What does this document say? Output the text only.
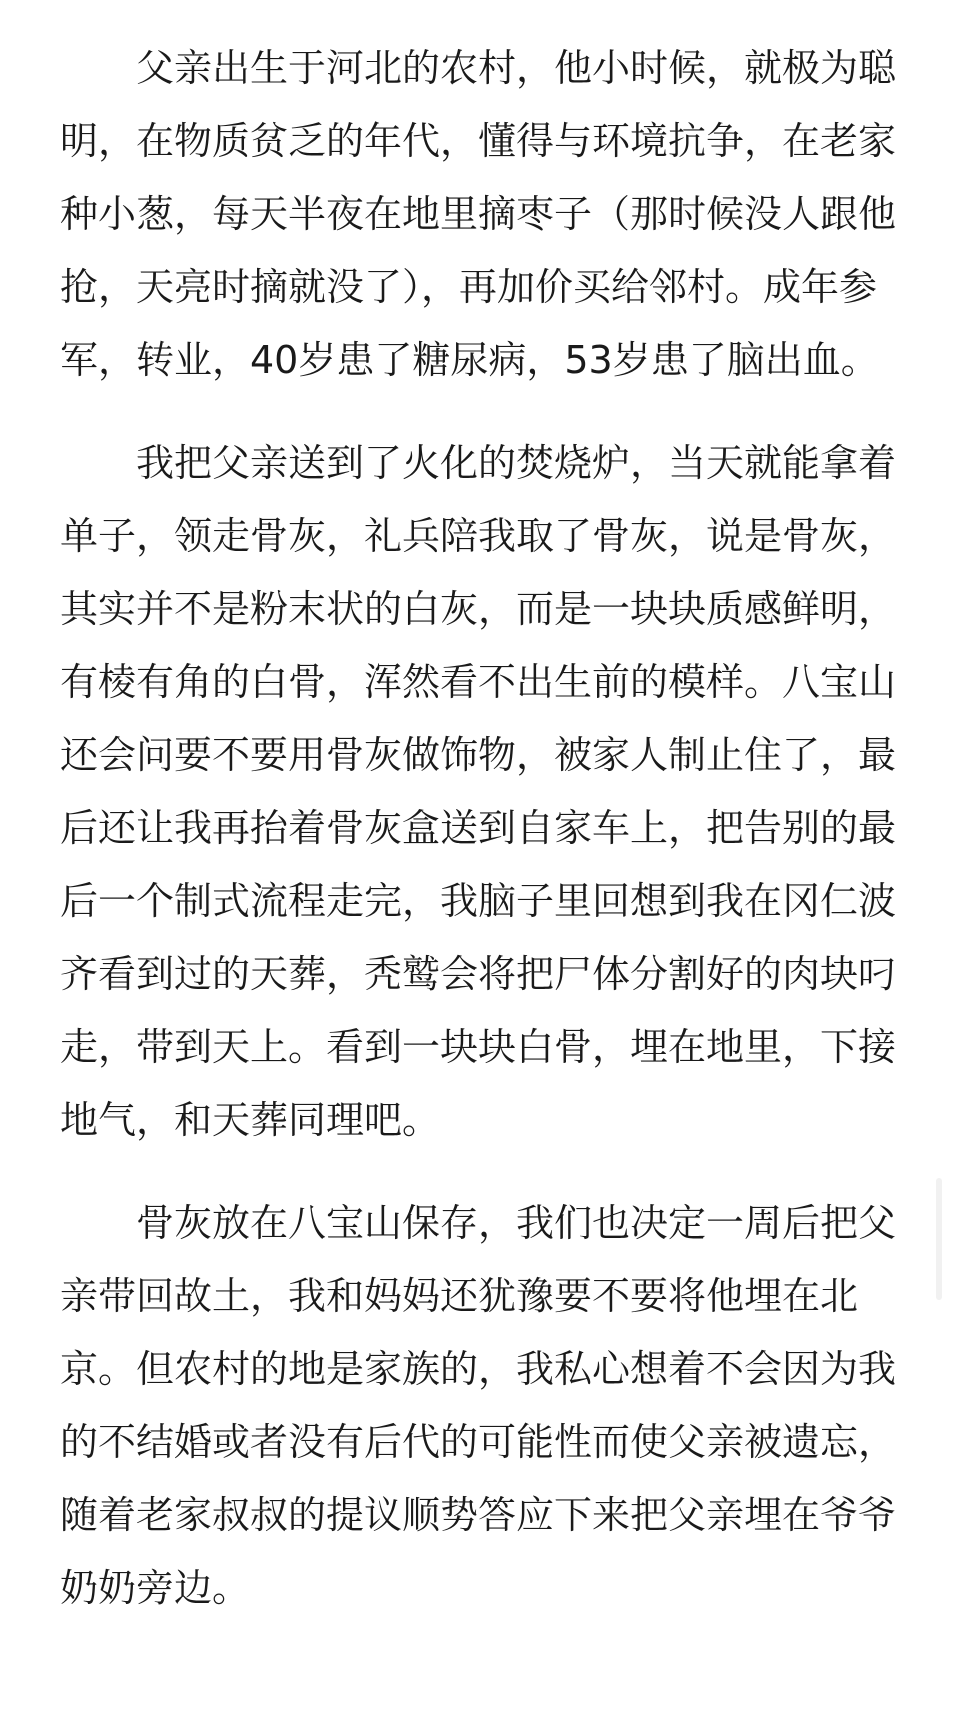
父亲出生于河北的农村，他小时候，就极为聪明，在物质贫乏的年代，懂得与环境抗争，在老家种小葱，每天半夜在地里摘枣子（那时候没人跟他抢，天亮时摘就没了），再加价买给邻村。成年参军，转业，40岁患了糖尿病，53岁患了脑出血。

我把父亲送到了火化的焚烧炉，当天就能拿着单子，领走骨灰，礼兵陪我取了骨灰，说是骨灰，其实并不是粉末状的白灰，而是一块块质感鲜明，有棱有角的白骨，浑然看不出生前的模样。八宝山还会问要不要用骨灰做饰物，被家人制止住了，最后还让我再抬着骨灰盒送到自家车上，把告别的最后一个制式流程走完，我脑子里回想到我在冈仁波齐看到过的天葬，秃鹫会将把尸体分割好的肉块叼走，带到天上。看到一块块白骨，埋在地里，下接地气，和天葬同理吧。

骨灰放在八宝山保存，我们也决定一周后把父亲带回故土，我和妈妈还犹豫要不要将他埋在北京。但农村的地是家族的，我私心想着不会因为我的不结婚或者没有后代的可能性而使父亲被遗忘，随着老家叔叔的提议顺势答应下来把父亲埋在爷爷奶奶旁边。
